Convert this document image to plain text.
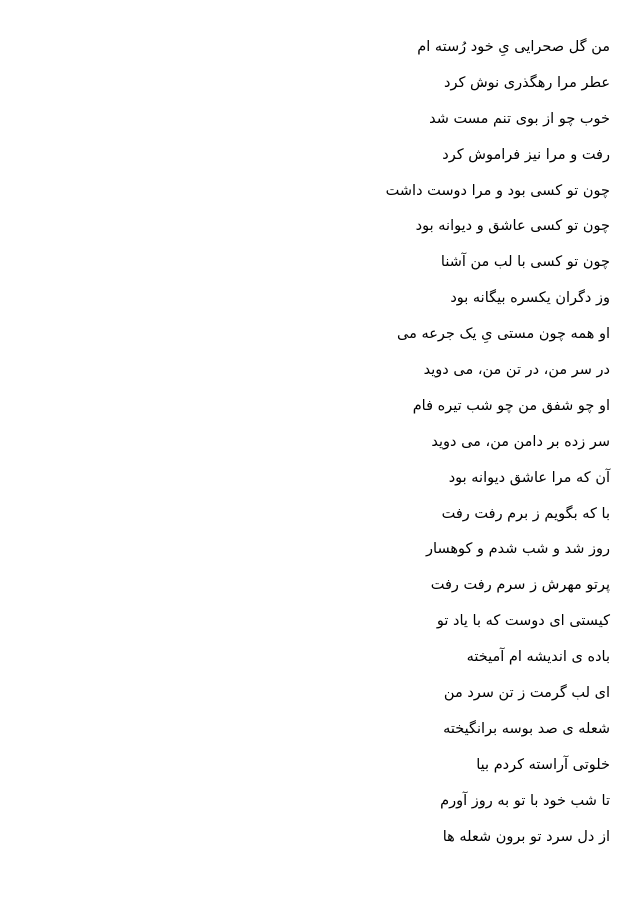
من گل صحرایی یِ خود رُسته ام
عطر مرا رهگذری نوش کرد
خوب چو از بوی تنم مست شد
رفت و مرا نیز فراموش کرد
چون تو کسی بود و مرا دوست داشت
چون تو کسی عاشق و دیوانه بود
چون تو کسی با لب من آشنا
وز دگران یکسره بیگانه بود
او همه چون مستی یِ یک جرعه می
در سر من، در تن من، می دوید
او چو شفق من چو شب تیره فام
سر زده بر دامن من، می دوید
آن که مرا عاشق دیوانه بود
با که بگویم ز برم رفت رفت
روز شد و شب شدم و کوهسار
پرتو مهرش ز سرم رفت رفت
کیستی ای دوست که با یاد تو
باده ی اندیشه ام آمیخته
ای لب گرمت ز تن سرد من
شعله ی صد بوسه برانگیخته
خلوتی آراسته کردم بیا
تا شب خود با تو به روز آورم
از دل سرد تو برون شعله ها
